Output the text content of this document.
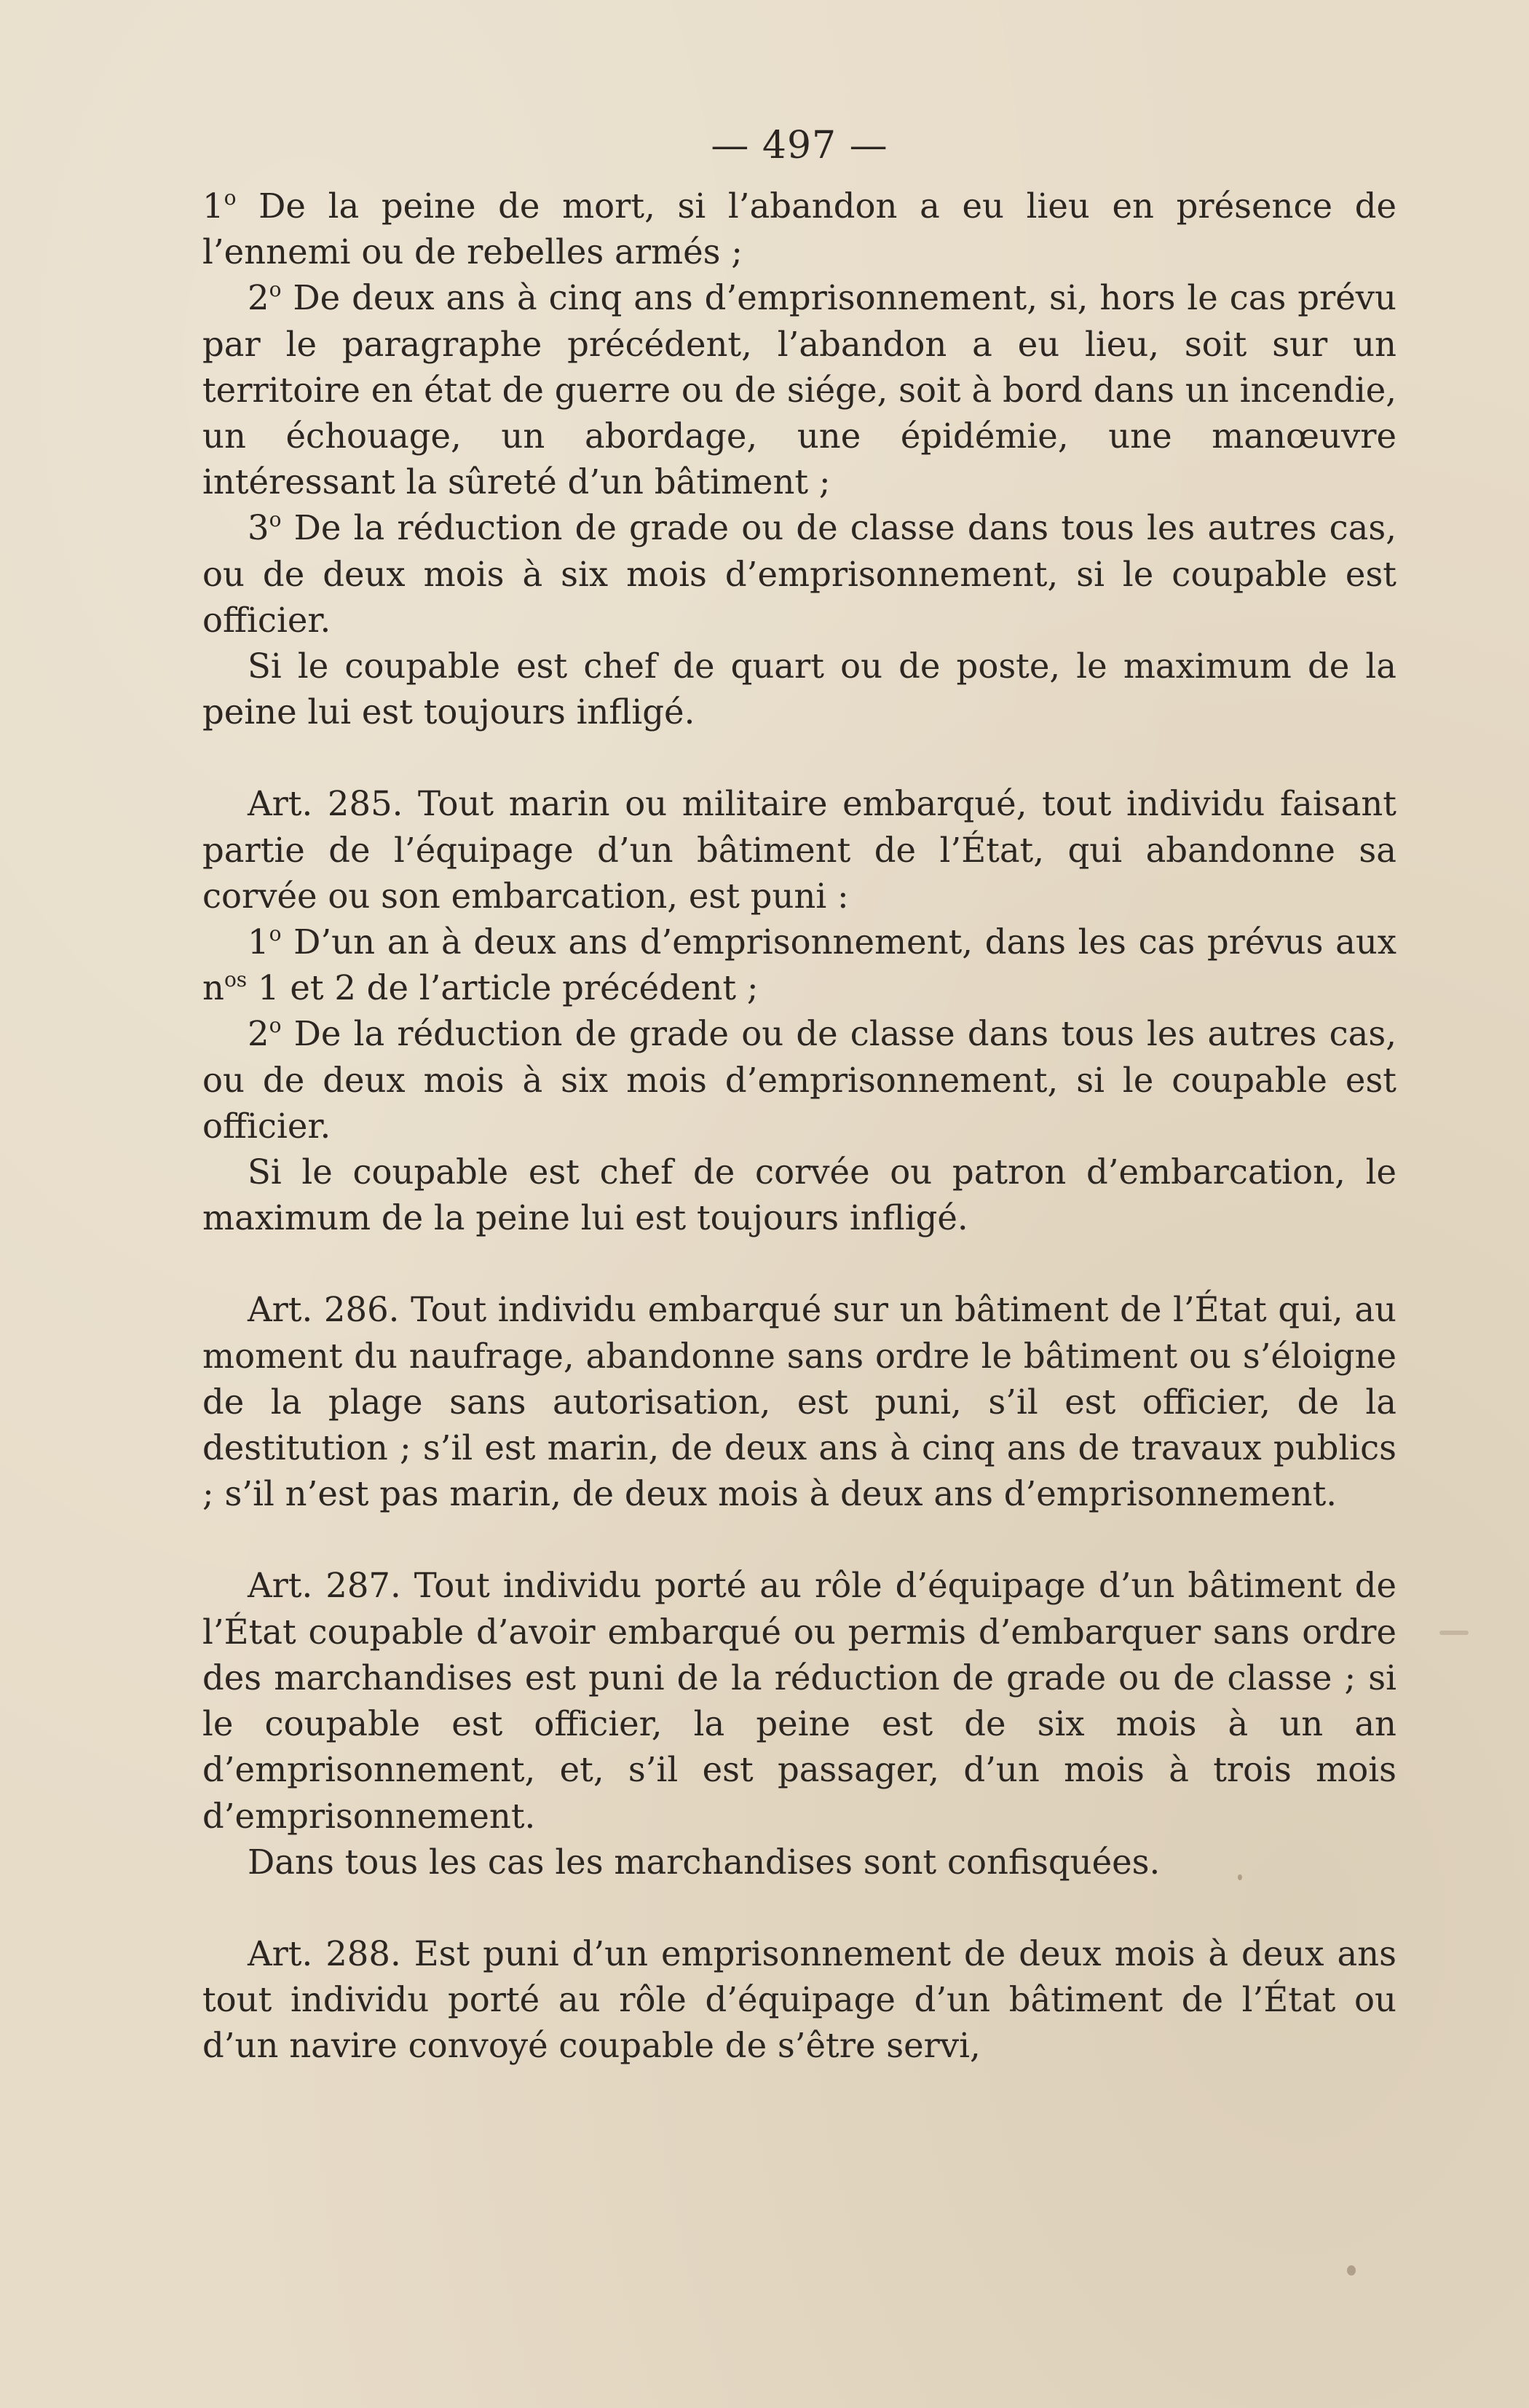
— 497 —

1$^o$ De la peine de mort, si l’abandon a eu lieu en présence de l’ennemi ou de rebelles armés ;

2$^o$ De deux ans à cinq ans d’emprisonnement, si, hors le cas prévu par le paragraphe précédent, l’abandon a eu lieu, soit sur un territoire en état de guerre ou de siége, soit à bord dans un incendie, un échouage, un abordage, une épidémie, une manœuvre intéressant la sûreté d’un bâtiment ;

3$^o$ De la réduction de grade ou de classe dans tous les autres cas, ou de deux mois à six mois d’emprisonnement, si le coupable est officier.

Si le coupable est chef de quart ou de poste, le maximum de la peine lui est toujours infligé.

Art. 285. Tout marin ou militaire embarqué, tout individu faisant partie de l’équipage d’un bâtiment de l’État, qui abandonne sa corvée ou son embarcation, est puni :

1$^o$ D’un an à deux ans d’emprisonnement, dans les cas prévus aux $n^{os}$ 1 et 2 de l’article précédent ;

2$^o$ De la réduction de grade ou de classe dans tous les autres cas, ou de deux mois à six mois d’emprisonnement, si le coupable est officier.

Si le coupable est chef de corvée ou patron d’embarcation, le maximum de la peine lui est toujours infligé.

Art. 286. Tout individu embarqué sur un bâtiment de l’État qui, au moment du naufrage, abandonne sans ordre le bâtiment ou s’éloigne de la plage sans autorisation, est puni, s’il est officier, de la destitution ; s’il est marin, de deux ans à cinq ans de travaux publics ; s’il n’est pas marin, de deux mois à deux ans d’emprisonnement.

Art. 287. Tout individu porté au rôle d’équipage d’un bâtiment de l’État coupable d’avoir embarqué ou permis d’embarquer sans ordre des marchandises est puni de la réduction de grade ou de classe ; si le coupable est officier, la peine est de six mois à un an d’emprisonnement, et, s’il est passager, d’un mois à trois mois d’emprisonnement.

Dans tous les cas les marchandises sont confisquées.

Art. 288. Est puni d’un emprisonnement de deux mois à deux ans tout individu porté au rôle d’équipage d’un bâtiment de l’État ou d’un navire convoyé coupable de s’être servi,
